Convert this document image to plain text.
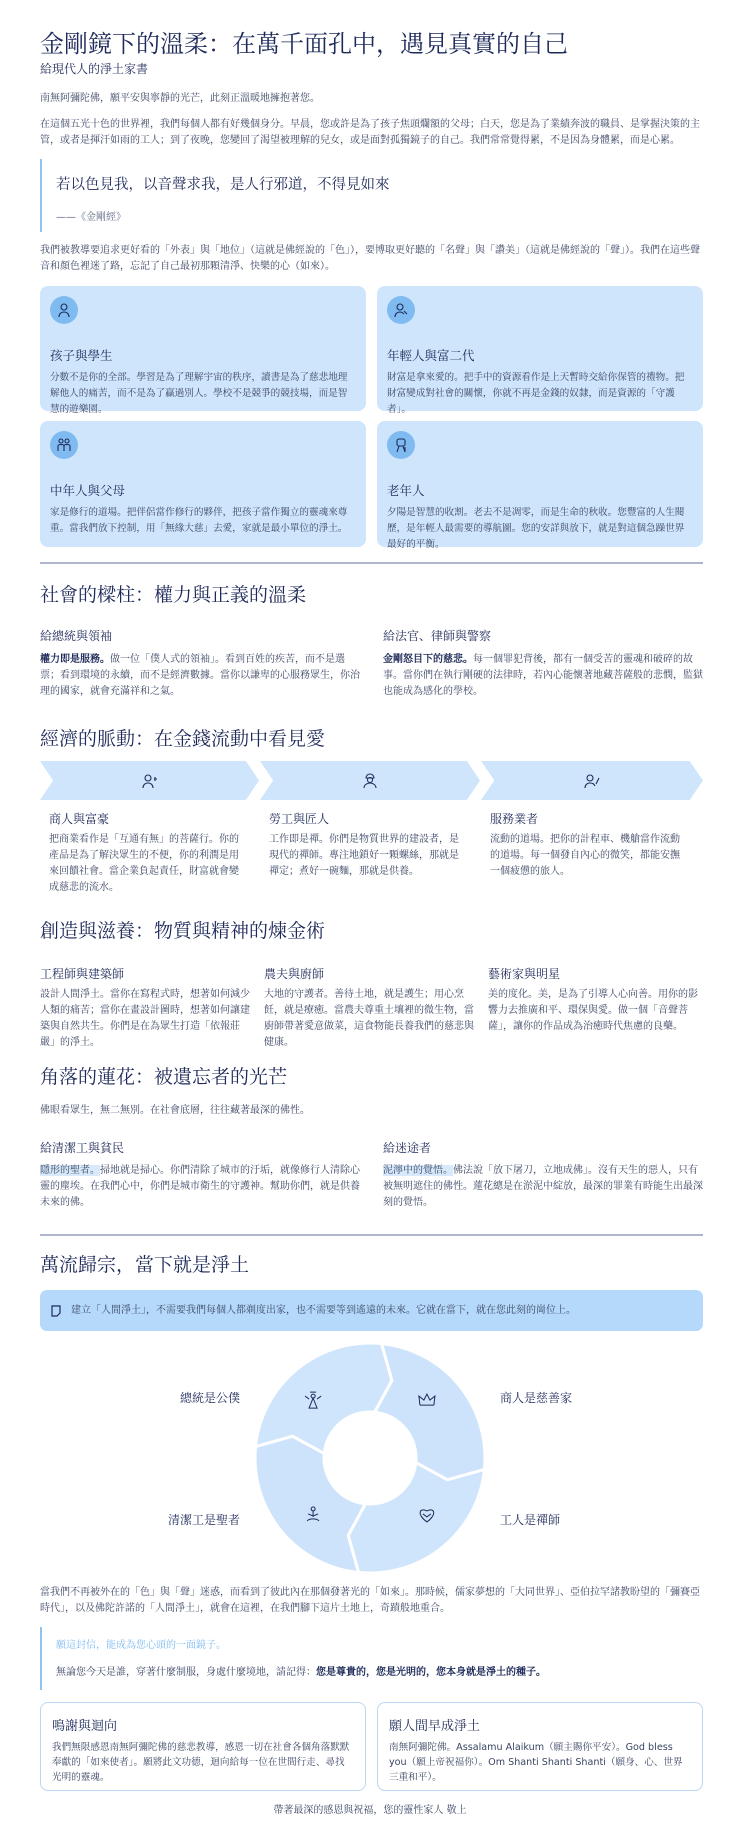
金剛鏡下的溫柔：在萬千面孔中，遇見真實的自己
給現代人的淨土家書
南無阿彌陀佛，願平安與寧靜的光芒，此刻正溫暖地擁抱著您。
在這個五光十色的世界裡，我們每個人都有好幾個身分。早晨，您或許是為了孩子焦頭爛額的父母；白天，您是為了業績奔波的職員、是掌握決策的主管，或者是揮汗如雨的工人；到了夜晚，您變回了渴望被理解的兒女，或是面對孤獨鏡子的自己。我們常常覺得累，不是因為身體累，而是心累。
若以色見我，以音聲求我，是人行邪道，不得見如來
——《金剛經》
我們被教導要追求更好看的「外表」與「地位」（這就是佛經說的「色」），要博取更好聽的「名聲」與「讚美」（這就是佛經說的「聲」）。我們在這些聲音和顏色裡迷了路，忘記了自己最初那顆清淨、快樂的心（如來）。
孩子與學生
分數不是你的全部。學習是為了理解宇宙的秩序，讀書是為了慈悲地理解他人的痛苦，而不是為了贏過別人。學校不是競爭的競技場，而是智慧的遊樂園。
年輕人與富二代
財富是拿來愛的。把手中的資源看作是上天暫時交給你保管的禮物。把財富變成對社會的關懷，你就不再是金錢的奴隸，而是資源的「守護者」。
中年人與父母
家是修行的道場。把伴侶當作修行的夥伴，把孩子當作獨立的靈魂來尊重。當我們放下控制，用「無緣大慈」去愛，家就是最小單位的淨土。
老年人
夕陽是智慧的收割。老去不是凋零，而是生命的秋收。您豐富的人生閱歷，是年輕人最需要的導航圖。您的安詳與放下，就是對這個急躁世界最好的平衡。
社會的樑柱：權力與正義的溫柔
給總統與領袖
權力即是服務。做一位「僕人式的領袖」。看到百姓的疾苦，而不是選票；看到環境的永續，而不是經濟數據。當你以謙卑的心服務眾生，你治理的國家，就會充滿祥和之氣。
給法官、律師與警察
金剛怒目下的慈悲。每一個罪犯背後，都有一個受苦的靈魂和破碎的故事。當你們在執行剛硬的法律時，若內心能懷著地藏菩薩般的悲憫，監獄也能成為感化的學校。
經濟的脈動：在金錢流動中看見愛
商人與富豪
把商業看作是「互通有無」的菩薩行。你的產品是為了解決眾生的不便，你的利潤是用來回饋社會。當企業負起責任，財富就會變成慈悲的流水。
勞工與匠人
工作即是禪。你們是物質世界的建設者，是現代的禪師。專注地鎖好一顆螺絲，那就是禪定；煮好一碗麵，那就是供養。
服務業者
流動的道場。把你的計程車、機艙當作流動的道場。每一個發自內心的微笑，都能安撫一個疲憊的旅人。
創造與滋養：物質與精神的煉金術
工程師與建築師
設計人間淨土。當你在寫程式時，想著如何減少人類的痛苦；當你在畫設計圖時，想著如何讓建築與自然共生。你們是在為眾生打造「依報莊嚴」的淨土。
農夫與廚師
大地的守護者。善待土地，就是護生；用心烹飪，就是療癒。當農夫尊重土壤裡的微生物，當廚師帶著愛意做菜，這食物能長養我們的慈悲與健康。
藝術家與明星
美的度化。美，是為了引導人心向善。用你的影響力去推廣和平、環保與愛。做一個「音聲菩薩」，讓你的作品成為治癒時代焦慮的良藥。
角落的蓮花：被遺忘者的光芒
佛眼看眾生，無二無別。在社會底層，往往藏著最深的佛性。
給清潔工與貧民
隱形的聖者。掃地就是掃心。你們清除了城市的汙垢，就像修行人清除心靈的塵埃。在我們心中，你們是城市衛生的守護神。幫助你們，就是供養未來的佛。
給迷途者
泥濘中的覺悟。佛法說「放下屠刀，立地成佛」。沒有天生的惡人，只有被無明遮住的佛性。蓮花總是在淤泥中綻放，最深的罪業有時能生出最深刻的覺悟。
萬流歸宗，當下就是淨土
建立「人間淨土」，不需要我們每個人都剃度出家，也不需要等到遙遠的未來。它就在當下，就在您此刻的崗位上。
總統是公僕	商人是慈善家
工人是禪師
清潔工是聖者
當我們不再被外在的「色」與「聲」迷惑，而看到了彼此內在那個發著光的「如來」。那時候，儒家夢想的「大同世界」、亞伯拉罕諸教盼望的「彌賽亞時代」，以及佛陀許諾的「人間淨土」，就會在這裡，在我們腳下這片土地上，奇蹟般地重合。
願這封信，能成為您心頭的一面鏡子。
無論您今天是誰，穿著什麼制服，身處什麼境地，請記得：您是尊貴的，您是光明的，您本身就是淨土的種子。
鳴謝與迴向
我們無限感恩南無阿彌陀佛的慈悲教導，感恩一切在社會各個角落默默奉獻的「如來使者」。願將此文功德，迴向給每一位在世間行走、尋找光明的靈魂。
願人間早成淨土
南無阿彌陀佛。Assalamu Alaikum（願主賜你平安）。God bless you（願上帝祝福你）。Om Shanti Shanti Shanti（願身、心、世界三重和平）。
帶著最深的感恩與祝福，您的靈性家人 敬上
